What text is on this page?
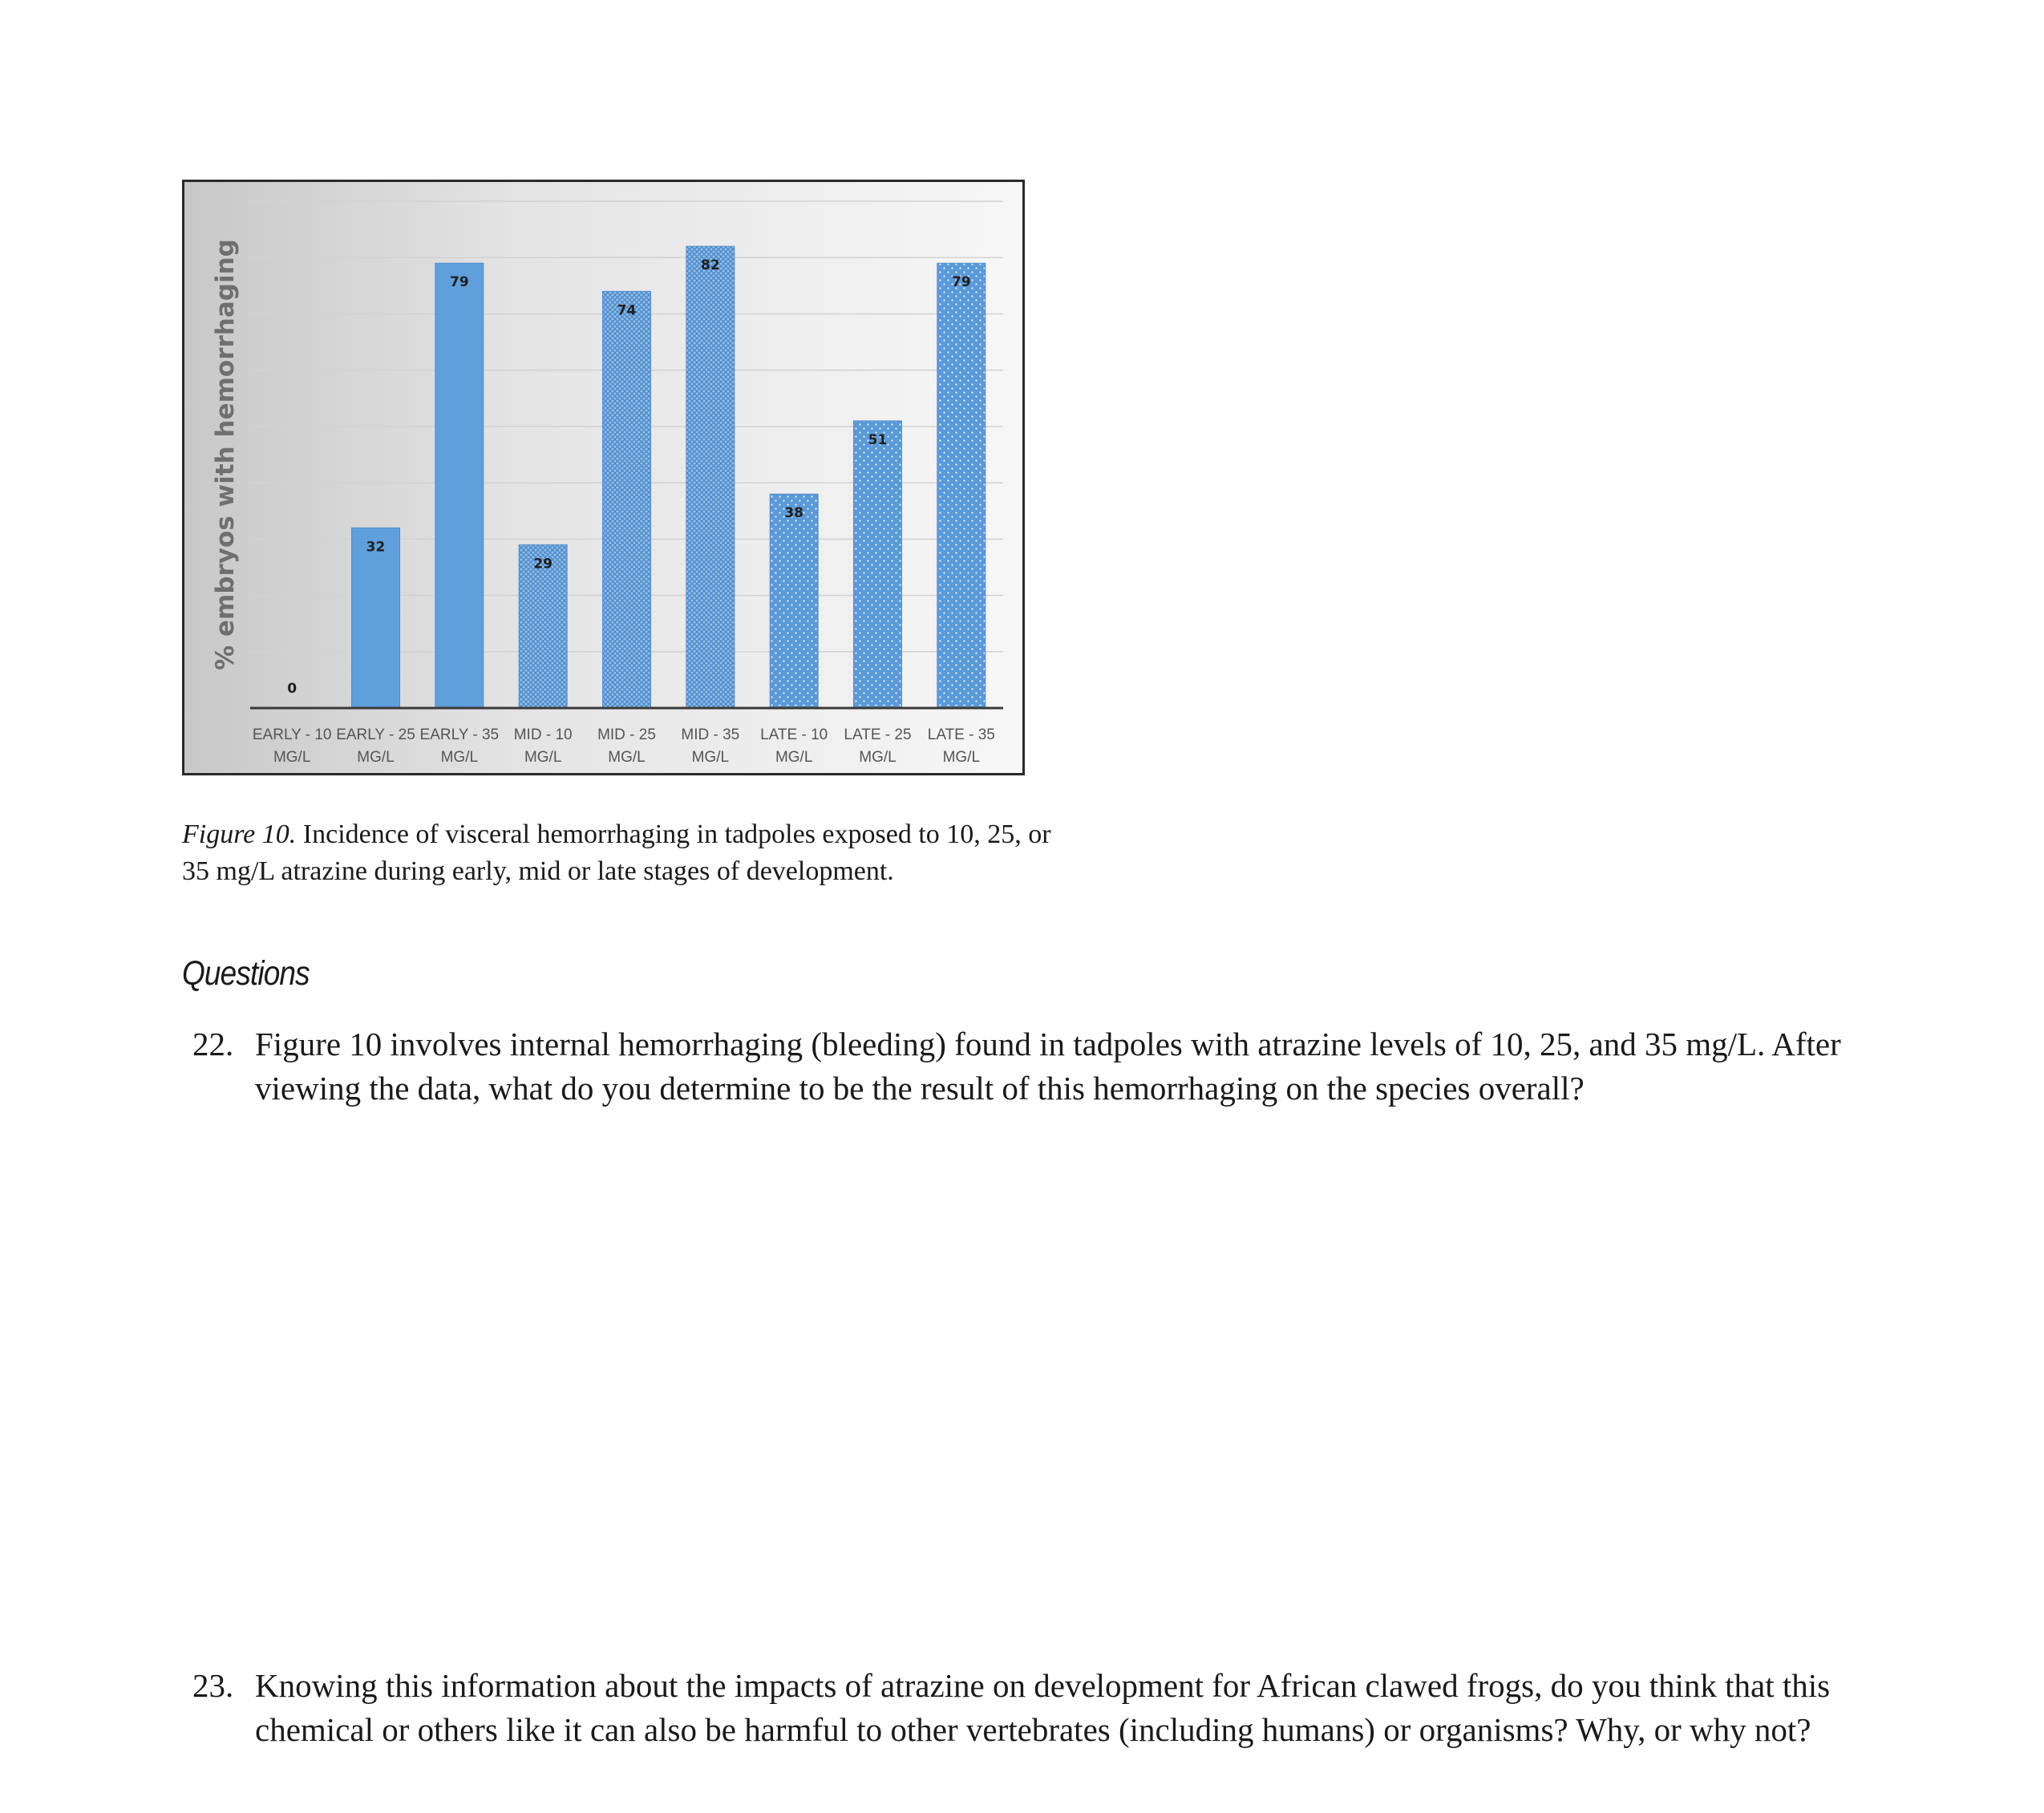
% embryos with hemorrhaging
0
32
79
29
74
82
38
51
79
EARLY - 10
MG/L
EARLY - 25
MG/L
EARLY - 35
MG/L
MID - 10
MG/L
MID - 25
MG/L
MID - 35
MG/L
LATE - 10
MG/L
LATE - 25
MG/L
LATE - 35
MG/L
Figure 10. Incidence of visceral hemorrhaging in tadpoles exposed to 10, 25, or 35 mg/L atrazine during early, mid or late stages of development.
Questions
22. Figure 10 involves internal hemorrhaging (bleeding) found in tadpoles with atrazine levels of 10, 25, and 35 mg/L. After viewing the data, what do you determine to be the result of this hemorrhaging on the species overall?
23. Knowing this information about the impacts of atrazine on development for African clawed frogs, do you think that this chemical or others like it can also be harmful to other vertebrates (including humans) or organisms? Why, or why not?
